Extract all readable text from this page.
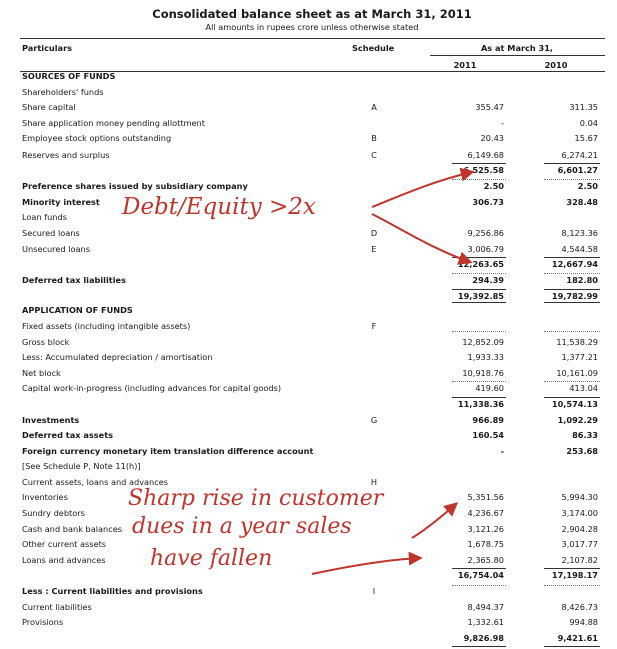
Consolidated balance sheet as at March 31, 2011
All amounts in rupees crore unless otherwise stated
Particulars	Schedule	As at March 31,
2011	2010
SOURCES OF FUNDS
Shareholders' funds
Share capital	A	355.47	311.35
Share application money pending allottment	-	0.04
Employee stock options outstanding	B	20.43	15.67
Reserves and surplus	C	6,149.68	6,274.21
6,525.58	6,601.27
Preference shares issued by subsidiary company	2.50	2.50
Minority interest	306.73	328.48
Loan funds
Secured loans	D	9,256.86	8,123.36
Unsecured loans	E	3,006.79	4,544.58
12,263.65	12,667.94
Deferred tax liabilities	294.39	182.80
19,392.85	19,782.99
APPLICATION OF FUNDS
Fixed assets (including intangible assets)	F
Gross block	12,852.09	11,538.29
Less: Accumulated depreciation / amortisation	1,933.33	1,377.21
Net block	10,918.76	10,161.09
Capital work-in-progress (including advances for capital goods)	419.60	413.04
11,338.36	10,574.13
Investments	G	966.89	1,092.29
Deferred tax assets	160.54	86.33
Foreign currency monetary item translation difference account	-	253.68
[See Schedule P, Note 11(h)]
Current assets, loans and advances	H
Inventories	5,351.56	5,994.30
Sundry debtors	4,236.67	3,174.00
Cash and bank balances	3,121.26	2,904.28
Other current assets	1,678.75	3,017.77
Loans and advances	2,365.80	2,107.82
16,754.04	17,198.17
Less : Current liabilities and provisions	I
Current liabilities	8,494.37	8,426.73
Provisions	1,332.61	994.88
9,826.98	9,421.61
Debt/Equity >2x
Sharp rise in customer
dues in a year sales
have fallen
